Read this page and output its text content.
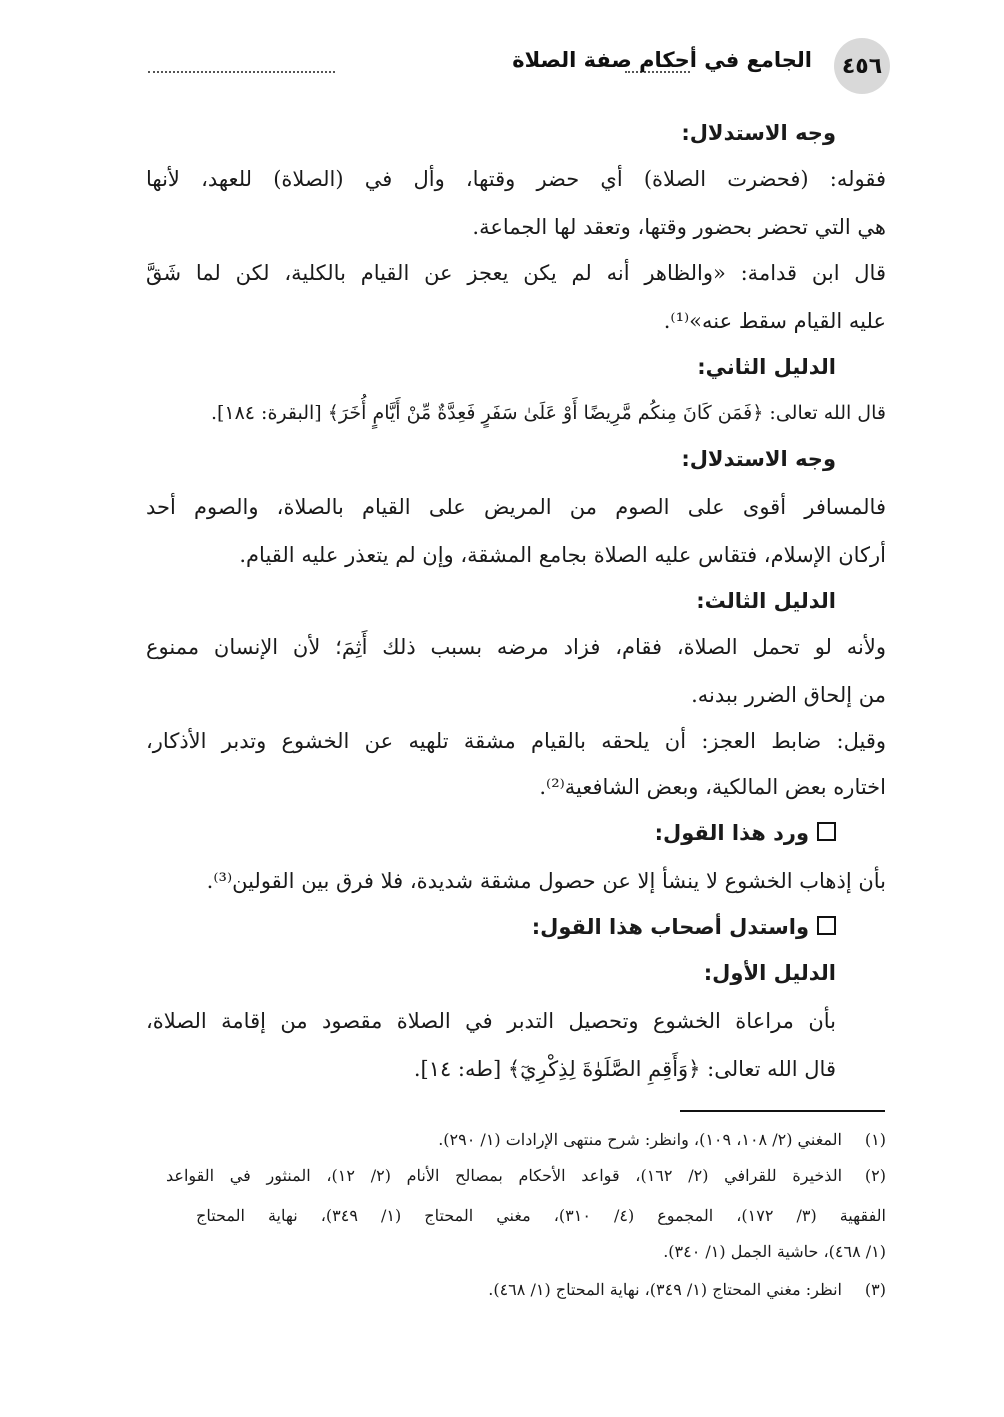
٤٥٦
الجامع في أحكام صفة الصلاة
وجه الاستدلال:
فقوله: (فحضرت الصلاة) أي حضر وقتها، وأل في (الصلاة) للعهد، لأنها
هي التي تحضر بحضور وقتها، وتعقد لها الجماعة.
قال ابن قدامة: «والظاهر أنه لم يكن يعجز عن القيام بالكلية، لكن لما شَقَّ
عليه القيام سقط عنه»⁽¹⁾.
الدليل الثاني:
قال الله تعالى: ﴿فَمَن كَانَ مِنكُم مَّرِيضًا أَوْ عَلَىٰ سَفَرٍ فَعِدَّةٌ مِّنْ أَيَّامٍ أُخَرَ﴾ [البقرة: ١٨٤].
وجه الاستدلال:
فالمسافر أقوى على الصوم من المريض على القيام بالصلاة، والصوم أحد
أركان الإسلام، فتقاس عليه الصلاة بجامع المشقة، وإن لم يتعذر عليه القيام.
الدليل الثالث:
ولأنه لو تحمل الصلاة، فقام، فزاد مرضه بسبب ذلك أَثِمَ؛ لأن الإنسان ممنوع
من إلحاق الضرر ببدنه.
وقيل: ضابط العجز: أن يلحقه بالقيام مشقة تلهيه عن الخشوع وتدبر الأذكار،
اختاره بعض المالكية، وبعض الشافعية⁽²⁾.
ورد هذا القول:
بأن إذهاب الخشوع لا ينشأ إلا عن حصول مشقة شديدة، فلا فرق بين القولين⁽³⁾.
واستدل أصحاب هذا القول:
الدليل الأول:
بأن مراعاة الخشوع وتحصيل التدبر في الصلاة مقصود من إقامة الصلاة،
قال الله تعالى: ﴿وَأَقِمِ الصَّلَوٰةَ لِذِكْرِيٓ﴾ [طه: ١٤].
(١)المغني (٢/ ١٠٨، ١٠٩)، وانظر: شرح منتهى الإرادات (١/ ٢٩٠).
(٢)الذخيرة للقرافي (٢/ ١٦٢)، قواعد الأحكام بمصالح الأنام (٢/ ١٢)، المنثور في القواعد
الفقهية (٣/ ١٧٢)، المجموع (٤/ ٣١٠)، مغني المحتاج (١/ ٣٤٩)، نهاية المحتاج
(١/ ٤٦٨)، حاشية الجمل (١/ ٣٤٠).
(٣)انظر: مغني المحتاج (١/ ٣٤٩)، نهاية المحتاج (١/ ٤٦٨).
